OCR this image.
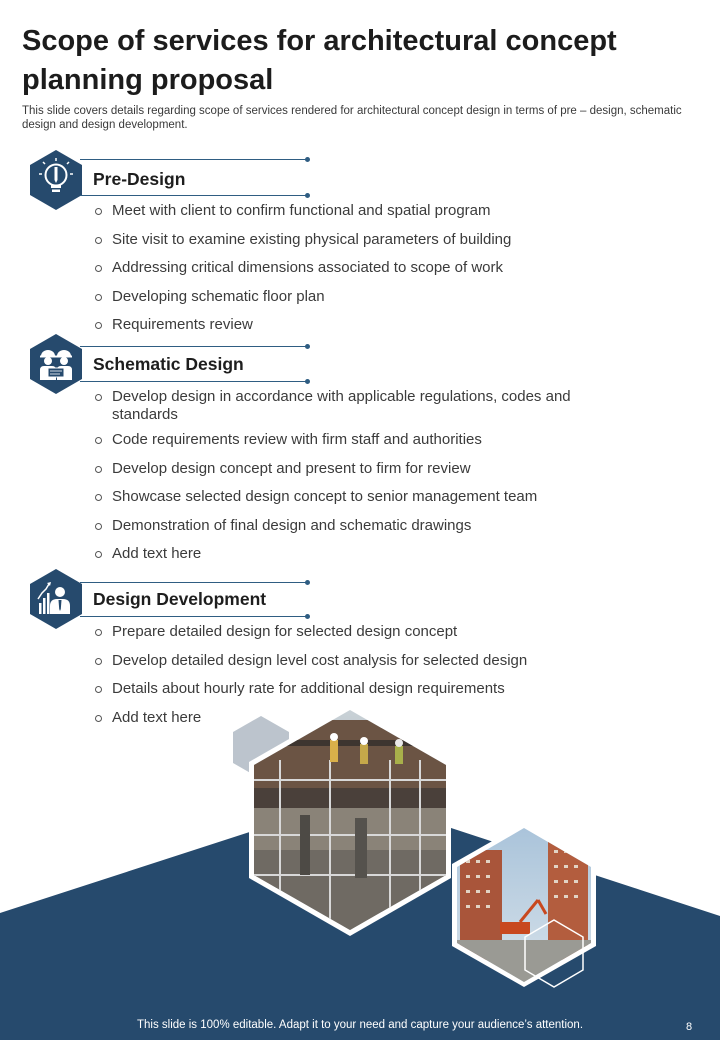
Scope of services for architectural concept planning proposal

This slide covers details regarding scope of services rendered for architectural concept design in terms of pre – design, schematic design and design development.

Pre-Design
Meet with client to confirm functional and spatial program
Site visit to examine existing physical parameters of building
Addressing critical dimensions associated to scope of work
Developing schematic floor plan
Requirements review
Schematic Design
Develop design in accordance with applicable regulations, codes and standards
Code requirements review with firm staff and authorities
Develop design concept and present to firm for review
Showcase selected design concept to senior management team
Demonstration of final design and schematic drawings
Add text here
Design Development
Prepare detailed design for selected design concept
Develop detailed design level cost analysis for selected design
Details about hourly rate for additional design requirements
Add text here
This slide is 100% editable. Adapt it to your need and capture your audience’s attention.	8
